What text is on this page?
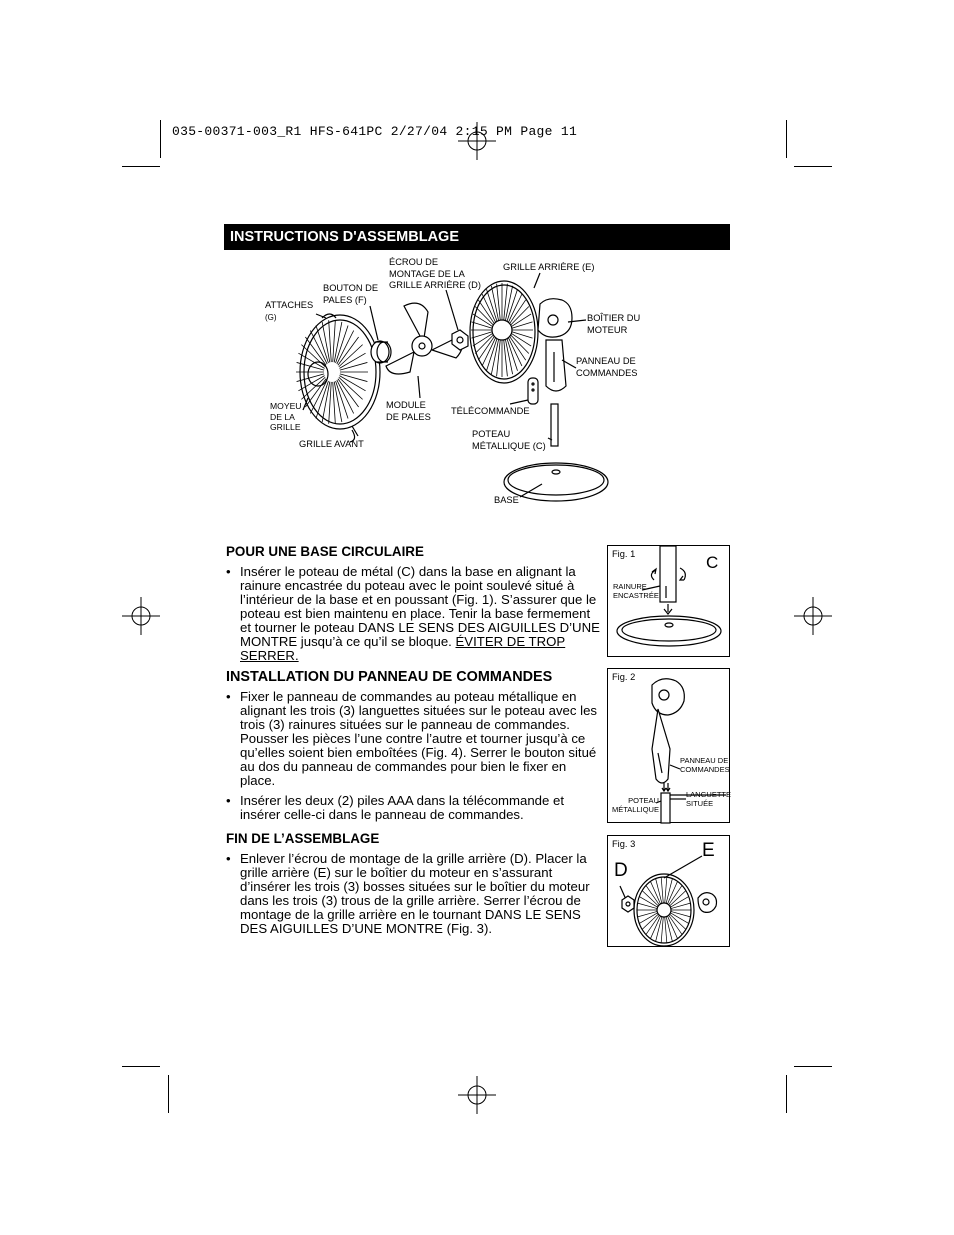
035-00371-003_R1 HFS-641PC 2/27/04 2:15 PM Page 11
INSTRUCTIONS D'ASSEMBLAGE
ATTACHES
(G)
BOUTON DE
PALES (F)
ÉCROU DE
MONTAGE DE LA
GRILLE ARRIÈRE (D)
GRILLE ARRIÈRE (E)
BOÎTIER DU
MOTEUR
PANNEAU DE
COMMANDES
MOYEU
DE LA
GRILLE
MODULE
DE PALES
TÉLÉCOMMANDE
GRILLE AVANT
POTEAU
MÉTALLIQUE (C)
BASE
POUR UNE BASE CIRCULAIRE
• Insérer le poteau de métal (C) dans la base en alignant la rainure encastrée du poteau avec le point soulevé situé à l’intérieur de la base et en poussant (Fig. 1). S’assurer que le poteau est bien maintenu en place. Tenir la base fermement et tourner le poteau DANS LE SENS DES AIGUILLES D’UNE MONTRE jusqu’à ce qu’il se bloque. ÉVITER DE TROP SERRER.
INSTALLATION DU PANNEAU DE COMMANDES
• Fixer le panneau de commandes au poteau métallique en alignant les trois (3) languettes situées sur le poteau avec les trois (3) rainures situées sur le panneau de commandes. Pousser les pièces l’une contre l’autre et tourner jusqu’à ce qu’elles soient bien emboîtées (Fig. 4). Serrer le bouton situé au dos du panneau de commandes pour bien le fixer en place.
• Insérer les deux (2) piles AAA dans la télécommande et insérer celle-ci dans le panneau de commandes.
FIN DE L’ASSEMBLAGE
• Enlever l’écrou de montage de la grille arrière (D). Placer la grille arrière (E) sur le boîtier du moteur en s’assurant d’insérer les trois (3) bosses situées sur le boîtier du moteur dans les trois (3) trous de la grille arrière. Serrer l’écrou de montage de la grille arrière en le tournant DANS LE SENS DES AIGUILLES D’UNE MONTRE (Fig. 3).
Fig. 1	C
RAINURE
ENCASTRÉE
Fig. 2
PANNEAU DE
COMMANDES
POTEAU
MÉTALLIQUE
LANGUETTE
SITUÉE
Fig. 3
D
E
